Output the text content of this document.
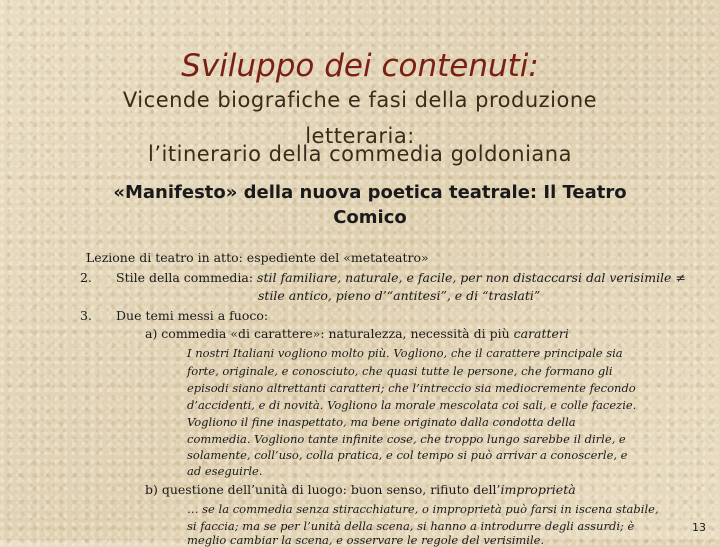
Sviluppo dei contenuti:
Vicende biografiche e fasi della produzione
letteraria:
l’itinerario della commedia goldoniana
«Manifesto» della nuova poetica teatrale: Il Teatro
Comico
Lezione di teatro in atto: espediente del «metateatro»
2. Stile della commedia: stil familiare, naturale, e facile, per non distaccarsi dal verisimile ≠
stile antico, pieno d’“antitesi”, e di “traslati”
3. Due temi messi a fuoco:
a) commedia «di carattere»: naturalezza, necessità di più caratteri
I nostri Italiani vogliono molto più. Vogliono, che il carattere principale sia
forte, originale, e conosciuto, che quasi tutte le persone, che formano gli
episodi siano altrettanti caratteri; che l’intreccio sia mediocremente fecondo
d’accidenti, e di novità. Vogliono la morale mescolata coi sali, e colle facezie.
Vogliono il fine inaspettato, ma bene originato dalla condotta della
commedia. Vogliono tante infinite cose, che troppo lungo sarebbe il dirle, e
solamente, coll’uso, colla pratica, e col tempo si può arrivar a conoscerle, e
ad eseguirle.
b) questione dell’unità di luogo: buon senso, rifiuto dell’improprietà
… se la commedia senza stiracchiature, o improprietà può farsi in iscena stabile,
si faccia; ma se per l’unità della scena, si hanno a introdurre degli assurdi; è
meglio cambiar la scena, e osservare le regole del verisimile.
13
